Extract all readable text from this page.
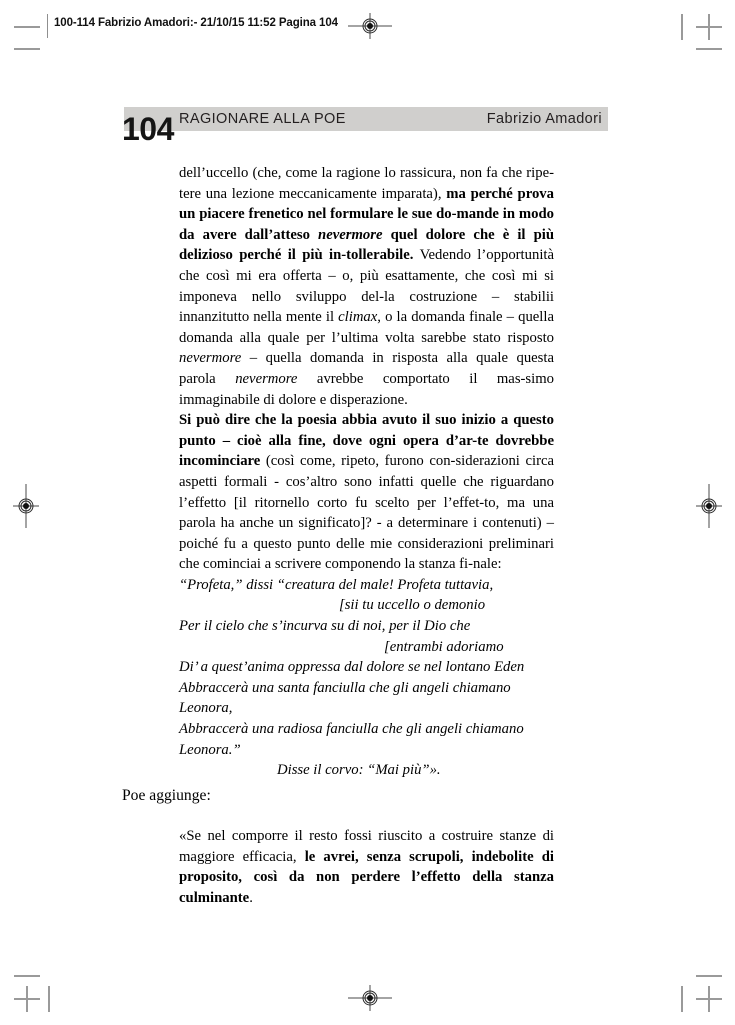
100-114 Fabrizio Amadori:- 21/10/15 11:52 Pagina 104
RAGIONARE ALLA POE	Fabrizio Amadori
104

dell’uccello (che, come la ragione lo rassicura, non fa che ripe-tere una lezione meccanicamente imparata), ma perché prova un piacere frenetico nel formulare le sue do-mande in modo da avere dall’atteso nevermore quel dolore che è il più delizioso perché il più in-tollerabile. Vedendo l’opportunità che così mi era offerta – o, più esattamente, che così mi si imponeva nello sviluppo del-la costruzione – stabilii innanzitutto nella mente il climax, o la domanda finale – quella domanda alla quale per l’ultima volta sarebbe stato risposto nevermore – quella domanda in risposta alla quale questa parola nevermore avrebbe comportato il mas-simo immaginabile di dolore e disperazione.

Si può dire che la poesia abbia avuto il suo inizio a questo punto – cioè alla fine, dove ogni opera d’ar-te dovrebbe incominciare (così come, ripeto, furono con-siderazioni circa aspetti formali - cos’altro sono infatti quelle che riguardano l’effetto [il ritornello corto fu scelto per l’effet-to, ma una parola ha anche un significato]? - a determinare i contenuti) – poiché fu a questo punto delle mie considerazioni preliminari che cominciai a scrivere componendo la stanza fi-nale:

“Profeta,” dissi “creatura del male! Profeta tuttavia,

[sii tu uccello o demonio

Per il cielo che s’incurva su di noi, per il Dio che

[entrambi adoriamo

Di’ a quest’anima oppressa dal dolore se nel lontano Eden

Abbraccerà una santa fanciulla che gli angeli chiamano

Leonora,

Abbraccerà una radiosa fanciulla che gli angeli chiamano

Leonora.”

Disse il corvo: “Mai più”».

Poe aggiunge:

«Se nel comporre il resto fossi riuscito a costruire stanze di maggiore efficacia, le avrei, senza scrupoli, indebolite di proposito, così da non perdere l’effetto della stanza culminante.
